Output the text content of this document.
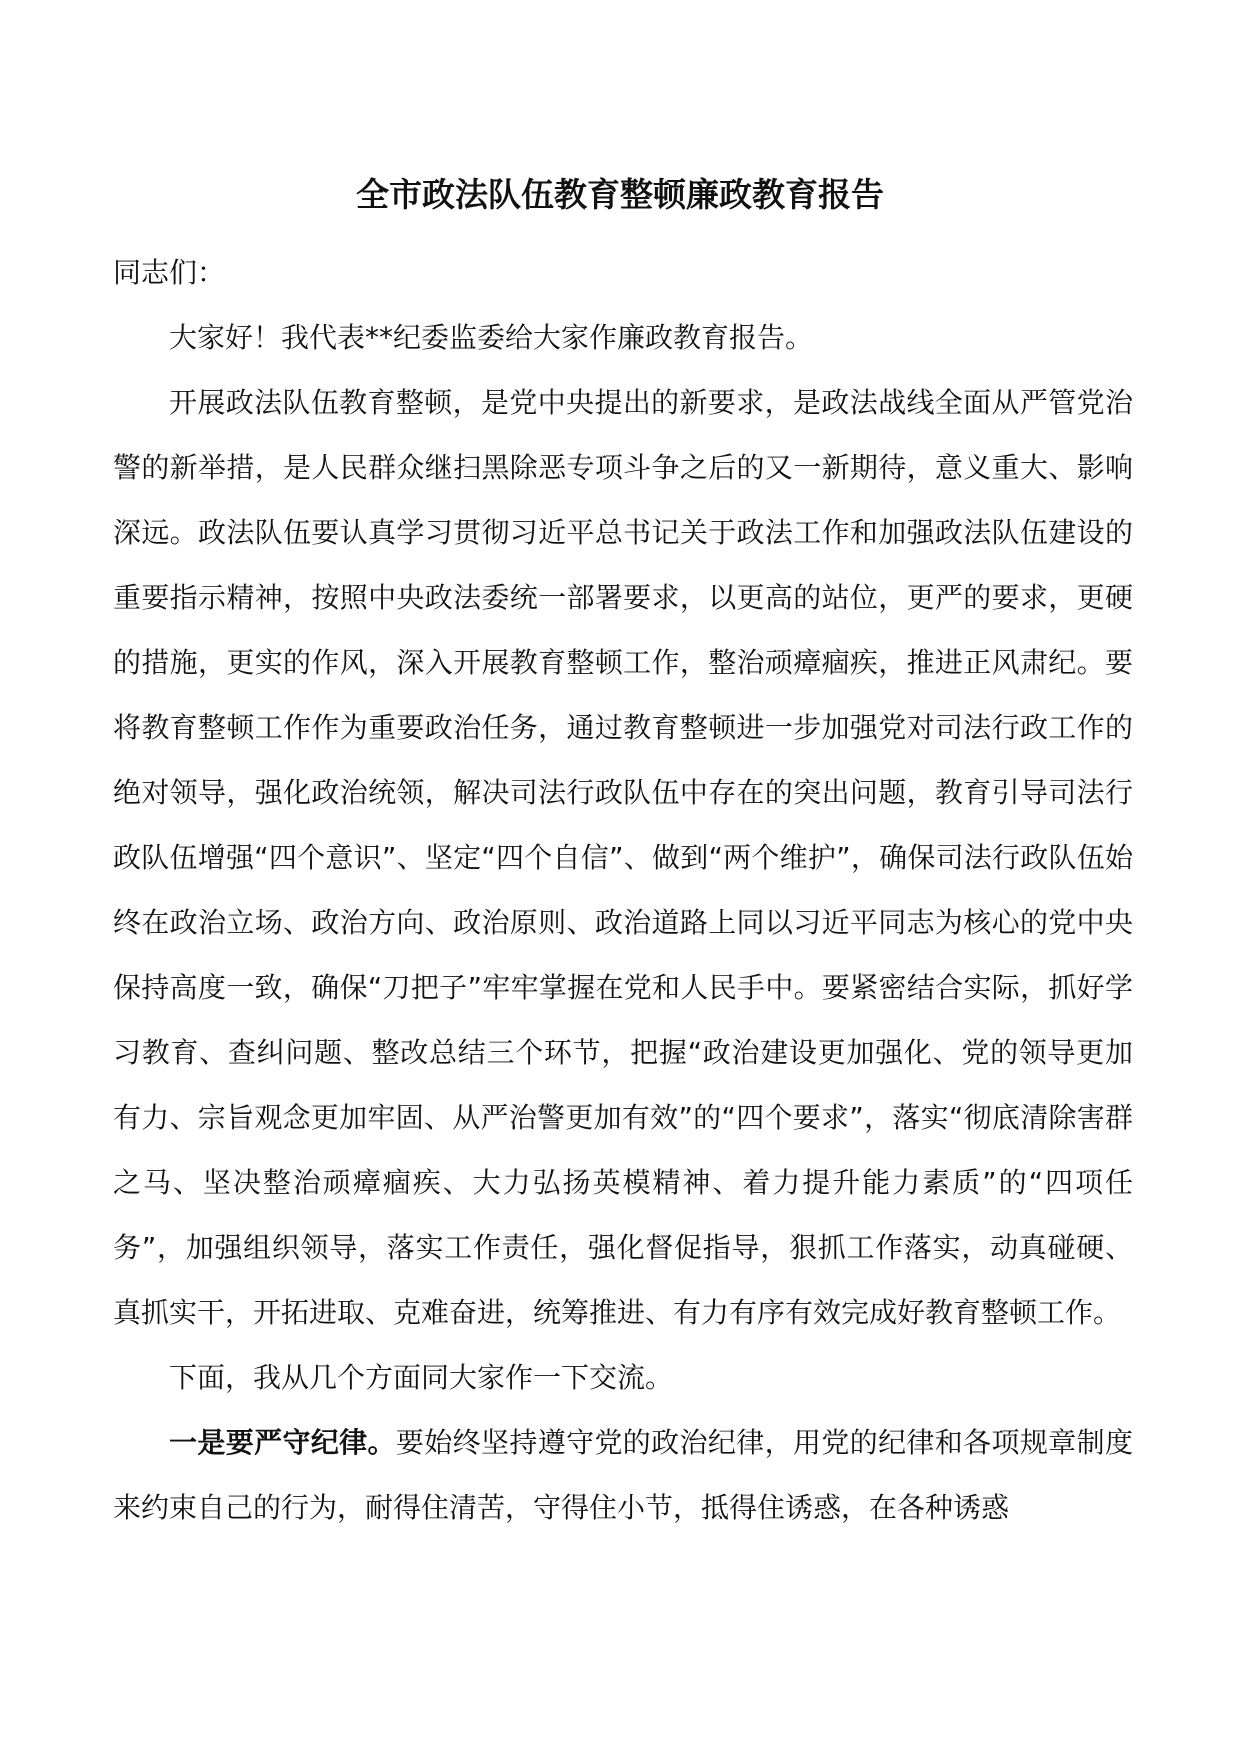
全市政法队伍教育整顿廉政教育报告

同志们：

大家好！我代表**纪委监委给大家作廉政教育报告。

开展政法队伍教育整顿，是党中央提出的新要求，是政法战线全面从严管党治警的新举措，是人民群众继扫黑除恶专项斗争之后的又一新期待，意义重大、影响深远。政法队伍要认真学习贯彻习近平总书记关于政法工作和加强政法队伍建设的重要指示精神，按照中央政法委统一部署要求，以更高的站位，更严的要求，更硬的措施，更实的作风，深入开展教育整顿工作，整治顽瘴痼疾，推进正风肃纪。要将教育整顿工作作为重要政治任务，通过教育整顿进一步加强党对司法行政工作的绝对领导，强化政治统领，解决司法行政队伍中存在的突出问题，教育引导司法行政队伍增强“四个意识”、坚定“四个自信”、做到“两个维护”，确保司法行政队伍始终在政治立场、政治方向、政治原则、政治道路上同以习近平同志为核心的党中央保持高度一致，确保“刀把子”牢牢掌握在党和人民手中。要紧密结合实际，抓好学习教育、查纠问题、整改总结三个环节，把握“政治建设更加强化、党的领导更加有力、宗旨观念更加牢固、从严治警更加有效”的“四个要求”，落实“彻底清除害群之马、坚决整治顽瘴痼疾、大力弘扬英模精神、着力提升能力素质”的“四项任务”，加强组织领导，落实工作责任，强化督促指导，狠抓工作落实，动真碰硬、真抓实干，开拓进取、克难奋进，统筹推进、有力有序有效完成好教育整顿工作。

下面，我从几个方面同大家作一下交流。

一是要严守纪律。要始终坚持遵守党的政治纪律，用党的纪律和各项规章制度来约束自己的行为，耐得住清苦，守得住小节，抵得住诱惑，在各种诱惑
